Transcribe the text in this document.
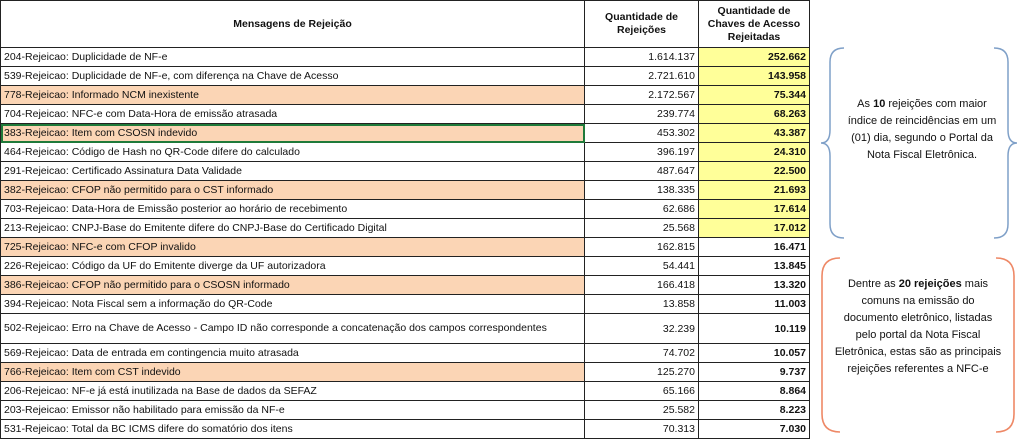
Mensagens de Rejeição	Quantidade de Rejeições	Quantidade de Chaves de Acesso Rejeitadas
204-Rejeicao: Duplicidade de NF-e	1.614.137	252.662
539-Rejeicao: Duplicidade de NF-e, com diferença na Chave de Acesso	2.721.610	143.958
778-Rejeicao: Informado NCM inexistente	2.172.567	75.344
704-Rejeicao: NFC-e com Data-Hora de emissão atrasada	239.774	68.263
383-Rejeicao: Item com CSOSN indevido	453.302	43.387
464-Rejeicao: Código de Hash no QR-Code difere do calculado	396.197	24.310
291-Rejeicao: Certificado Assinatura Data Validade	487.647	22.500
382-Rejeicao: CFOP não permitido para o CST informado	138.335	21.693
703-Rejeicao: Data-Hora de Emissão posterior ao horário de recebimento	62.686	17.614
213-Rejeicao: CNPJ-Base do Emitente difere do CNPJ-Base do Certificado Digital	25.568	17.012
725-Rejeicao: NFC-e com CFOP invalido	162.815	16.471
226-Rejeicao: Código da UF do Emitente diverge da UF autorizadora	54.441	13.845
386-Rejeicao: CFOP não permitido para o CSOSN informado	166.418	13.320
394-Rejeicao: Nota Fiscal sem a informação do QR-Code	13.858	11.003
502-Rejeicao: Erro na Chave de Acesso - Campo ID não corresponde a concatenação dos campos correspondentes	32.239	10.119
569-Rejeicao: Data de entrada em contingencia muito atrasada	74.702	10.057
766-Rejeicao: Item com CST indevido	125.270	9.737
206-Rejeicao: NF-e já está inutilizada na Base de dados da SEFAZ	65.166	8.864
203-Rejeicao: Emissor não habilitado para emissão da NF-e	25.582	8.223
531-Rejeicao: Total da BC ICMS difere do somatório dos itens	70.313	7.030
As 10 rejeições com maior índice de reincidências em um (01) dia, segundo o Portal da Nota Fiscal Eletrônica.
Dentre as 20 rejeições mais comuns na emissão do documento eletrônico, listadas pelo portal da Nota Fiscal Eletrônica, estas são as principais rejeições referentes a NFC-e
